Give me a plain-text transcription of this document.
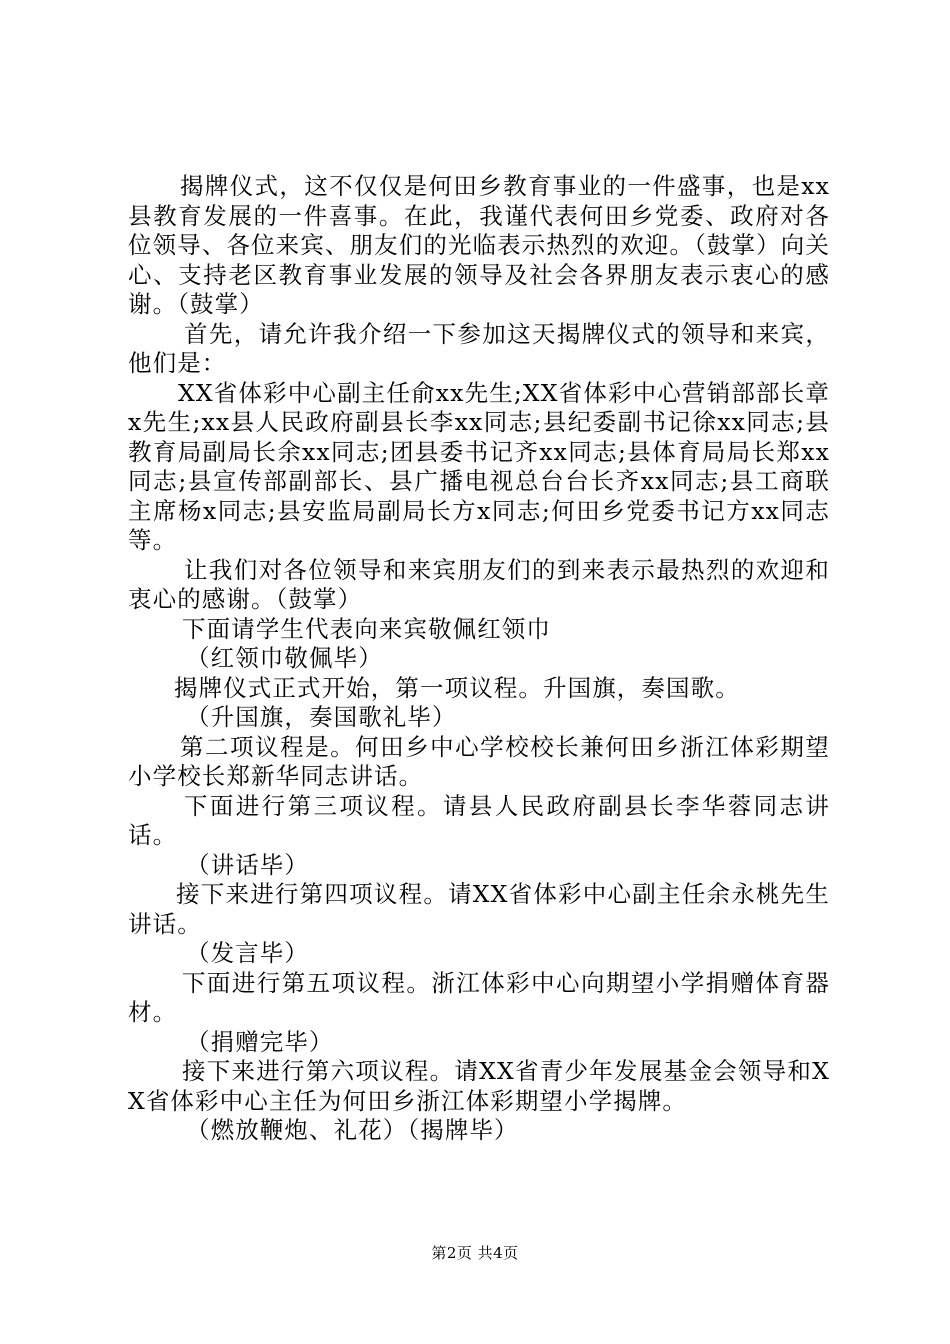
揭牌仪式，这不仅仅是何田乡教育事业的一件盛事，也是xx县教育发展的一件喜事。在此，我谨代表何田乡党委、政府对各位领导、各位来宾、朋友们的光临表示热烈的欢迎。（鼓掌）向关心、支持老区教育事业发展的领导及社会各界朋友表示衷心的感谢。（鼓掌）

首先，请允许我介绍一下参加这天揭牌仪式的领导和来宾，他们是：

XX省体彩中心副主任俞xx先生;XX省体彩中心营销部部长章x先生;xx县人民政府副县长李xx同志;县纪委副书记徐xx同志;县教育局副局长余xx同志;团县委书记齐xx同志;县体育局局长郑xx同志;县宣传部副部长、县广播电视总台台长齐xx同志;县工商联主席杨x同志;县安监局副局长方x同志;何田乡党委书记方xx同志等。

让我们对各位领导和来宾朋友们的到来表示最热烈的欢迎和衷心的感谢。（鼓掌）

下面请学生代表向来宾敬佩红领巾

（红领巾敬佩毕）

揭牌仪式正式开始，第一项议程。升国旗，奏国歌。

（升国旗，奏国歌礼毕）

第二项议程是。何田乡中心学校校长兼何田乡浙江体彩期望小学校长郑新华同志讲话。

下面进行第三项议程。请县人民政府副县长李华蓉同志讲话。

（讲话毕）

接下来进行第四项议程。请XX省体彩中心副主任余永桃先生讲话。

（发言毕）

下面进行第五项议程。浙江体彩中心向期望小学捐赠体育器材。

（捐赠完毕）

接下来进行第六项议程。请XX省青少年发展基金会领导和XX省体彩中心主任为何田乡浙江体彩期望小学揭牌。

（燃放鞭炮、礼花）（揭牌毕）

第2页 共4页
